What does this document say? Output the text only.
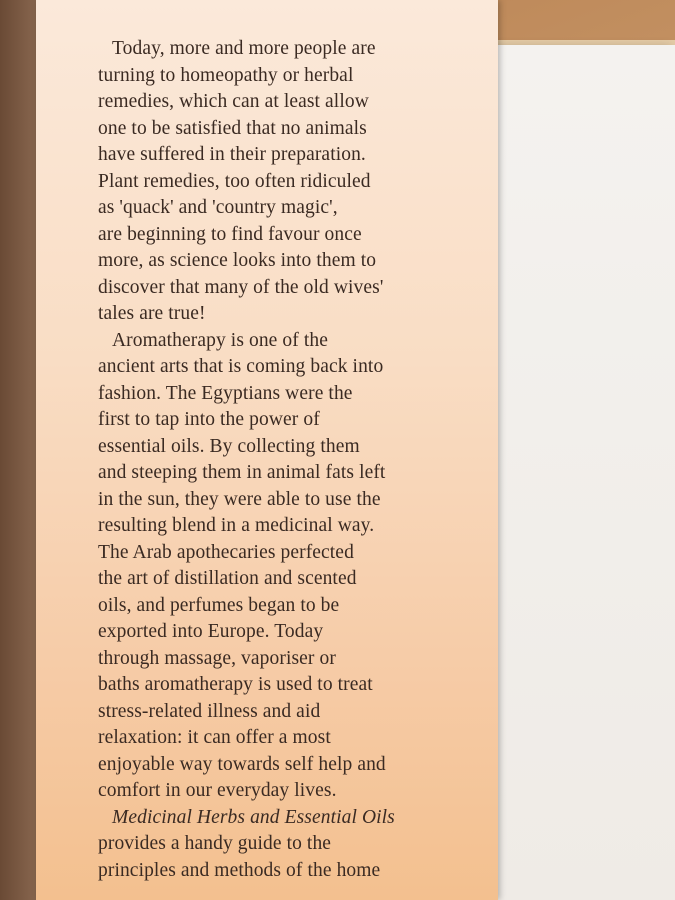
Today, more and more people are
turning to homeopathy or herbal
remedies, which can at least allow
one to be satisfied that no animals
have suffered in their preparation.
Plant remedies, too often ridiculed
as 'quack' and 'country magic',
are beginning to find favour once
more, as science looks into them to
discover that many of the old wives'
tales are true!
Aromatherapy is one of the
ancient arts that is coming back into
fashion. The Egyptians were the
first to tap into the power of
essential oils. By collecting them
and steeping them in animal fats left
in the sun, they were able to use the
resulting blend in a medicinal way.
The Arab apothecaries perfected
the art of distillation and scented
oils, and perfumes began to be
exported into Europe. Today
through massage, vaporiser or
baths aromatherapy is used to treat
stress-related illness and aid
relaxation: it can offer a most
enjoyable way towards self help and
comfort in our everyday lives.
Medicinal Herbs and Essential Oils
provides a handy guide to the
principles and methods of the home
